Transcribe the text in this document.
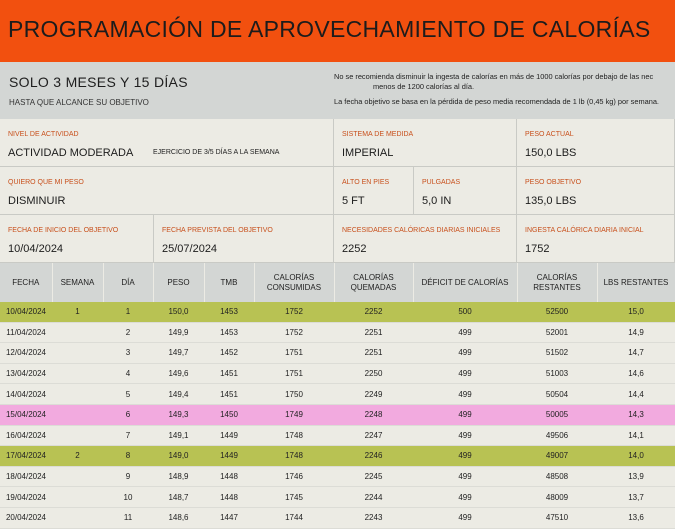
PROGRAMACIÓN DE APROVECHAMIENTO DE CALORÍAS
SOLO 3 MESES Y 15 DÍAS
HASTA QUE ALCANCE SU OBJETIVO
No se recomienda disminuir la ingesta de calorías en más de 1000 calorías por debajo de las nec
menos de 1200 calorías al día.
La fecha objetivo se basa en la pérdida de peso media recomendada de 1 lb (0,45 kg) por semana.
NIVEL DE ACTIVIDAD
ACTIVIDAD MODERADA	EJERCICIO DE 3/5 DÍAS A LA SEMANA
SISTEMA DE MEDIDA
IMPERIAL
PESO ACTUAL
150,0 LBS
QUIERO QUE MI PESO
DISMINUIR
ALTO EN PIES
5 FT
PULGADAS
5,0 IN
PESO OBJETIVO
135,0 LBS
FECHA DE INICIO DEL OBJETIVO
10/04/2024
FECHA PREVISTA DEL OBJETIVO
25/07/2024
NECESIDADES CALÓRICAS DIARIAS INICIALES
2252
INGESTA CALÓRICA DIARIA INICIAL
1752
FECHA	SEMANA	DÍA	PESO	TMB	CALORÍAS CONSUMIDAS	CALORÍAS QUEMADAS	DÉFICIT DE CALORÍAS	CALORÍAS RESTANTES	LBS RESTANTES
10/04/2024	1	1	150,0	1453	1752	2252	500	52500	15,0
11/04/2024		2	149,9	1453	1752	2251	499	52001	14,9
12/04/2024		3	149,7	1452	1751	2251	499	51502	14,7
13/04/2024		4	149,6	1451	1751	2250	499	51003	14,6
14/04/2024		5	149,4	1451	1750	2249	499	50504	14,4
15/04/2024		6	149,3	1450	1749	2248	499	50005	14,3
16/04/2024		7	149,1	1449	1748	2247	499	49506	14,1
17/04/2024	2	8	149,0	1449	1748	2246	499	49007	14,0
18/04/2024		9	148,9	1448	1746	2245	499	48508	13,9
19/04/2024		10	148,7	1448	1745	2244	499	48009	13,7
20/04/2024		11	148,6	1447	1744	2243	499	47510	13,6
